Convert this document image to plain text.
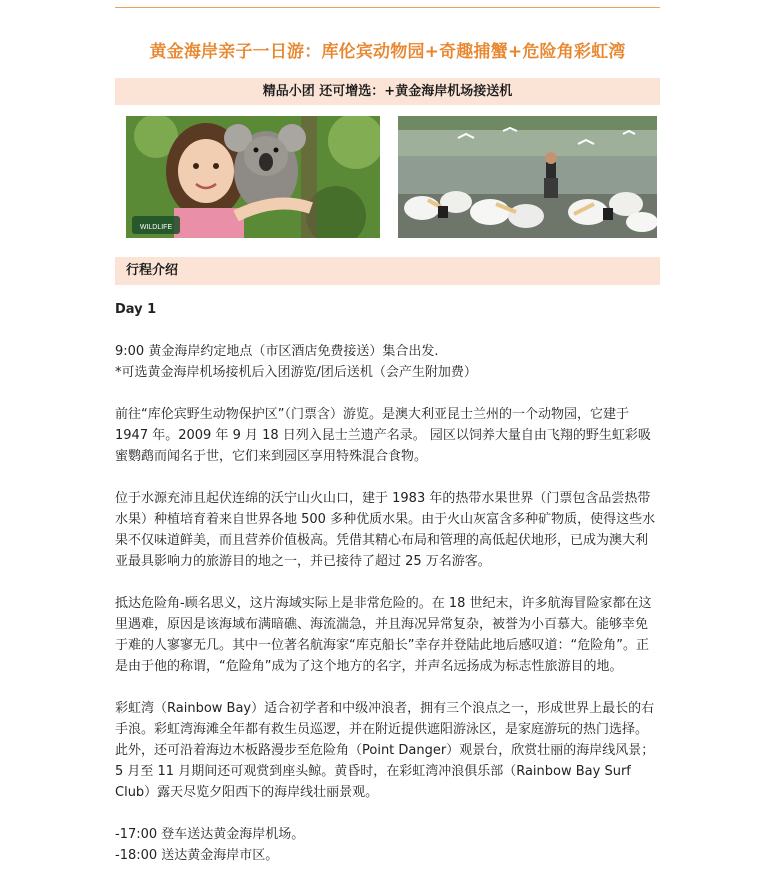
黄金海岸亲子一日游：库伦宾动物园+奇趣捕蟹+危险角彩虹湾
精品小团 还可增选：+黄金海岸机场接送机
WILDLIFE
行程介绍

Day 1

9:00 黄金海岸约定地点（市区酒店免费接送）集合出发.
*可选黄金海岸机场接机后入团游览/团后送机（会产生附加费）

前往“库伦宾野生动物保护区”（门票含）游览。是澳大利亚昆士兰州的一个动物园，它建于 1947 年。2009 年 9 月 18 日列入昆士兰遗产名录。 园区以饲养大量自由飞翔的野生虹彩吸蜜鹦鹉而闻名于世，它们来到园区享用特殊混合食物。

位于水源充沛且起伏连绵的沃宁山火山口，建于 1983 年的热带水果世界（门票包含品尝热带水果）种植培育着来自世界各地 500 多种优质水果。由于火山灰富含多种矿物质，使得这些水果不仅味道鲜美，而且营养价值极高。凭借其精心布局和管理的高低起伏地形，已成为澳大利亚最具影响力的旅游目的地之一，并已接待了超过 25 万名游客。

抵达危险角-顾名思义，这片海域实际上是非常危险的。在 18 世纪末，许多航海冒险家都在这里遇难，原因是该海域布满暗礁、海流湍急，并且海况异常复杂，被誉为小百慕大。能够幸免于难的人寥寥无几。其中一位著名航海家“库克船长”幸存并登陆此地后感叹道：“危险角”。正是由于他的称谓，“危险角”成为了这个地方的名字，并声名远扬成为标志性旅游目的地。

彩虹湾（Rainbow Bay）适合初学者和中级冲浪者，拥有三个浪点之一，形成世界上最长的右手浪。彩虹湾海滩全年都有救生员巡逻，并在附近提供遮阳游泳区，是家庭游玩的热门选择。此外，还可沿着海边木板路漫步至危险角（Point Danger）观景台，欣赏壮丽的海岸线风景；5 月至 11 月期间还可观赏到座头鲸。黄昏时，在彩虹湾冲浪俱乐部（Rainbow Bay Surf Club）露天尽览夕阳西下的海岸线壮丽景观。

-17:00 登车送达黄金海岸机场。
-18:00 送达黄金海岸市区。
